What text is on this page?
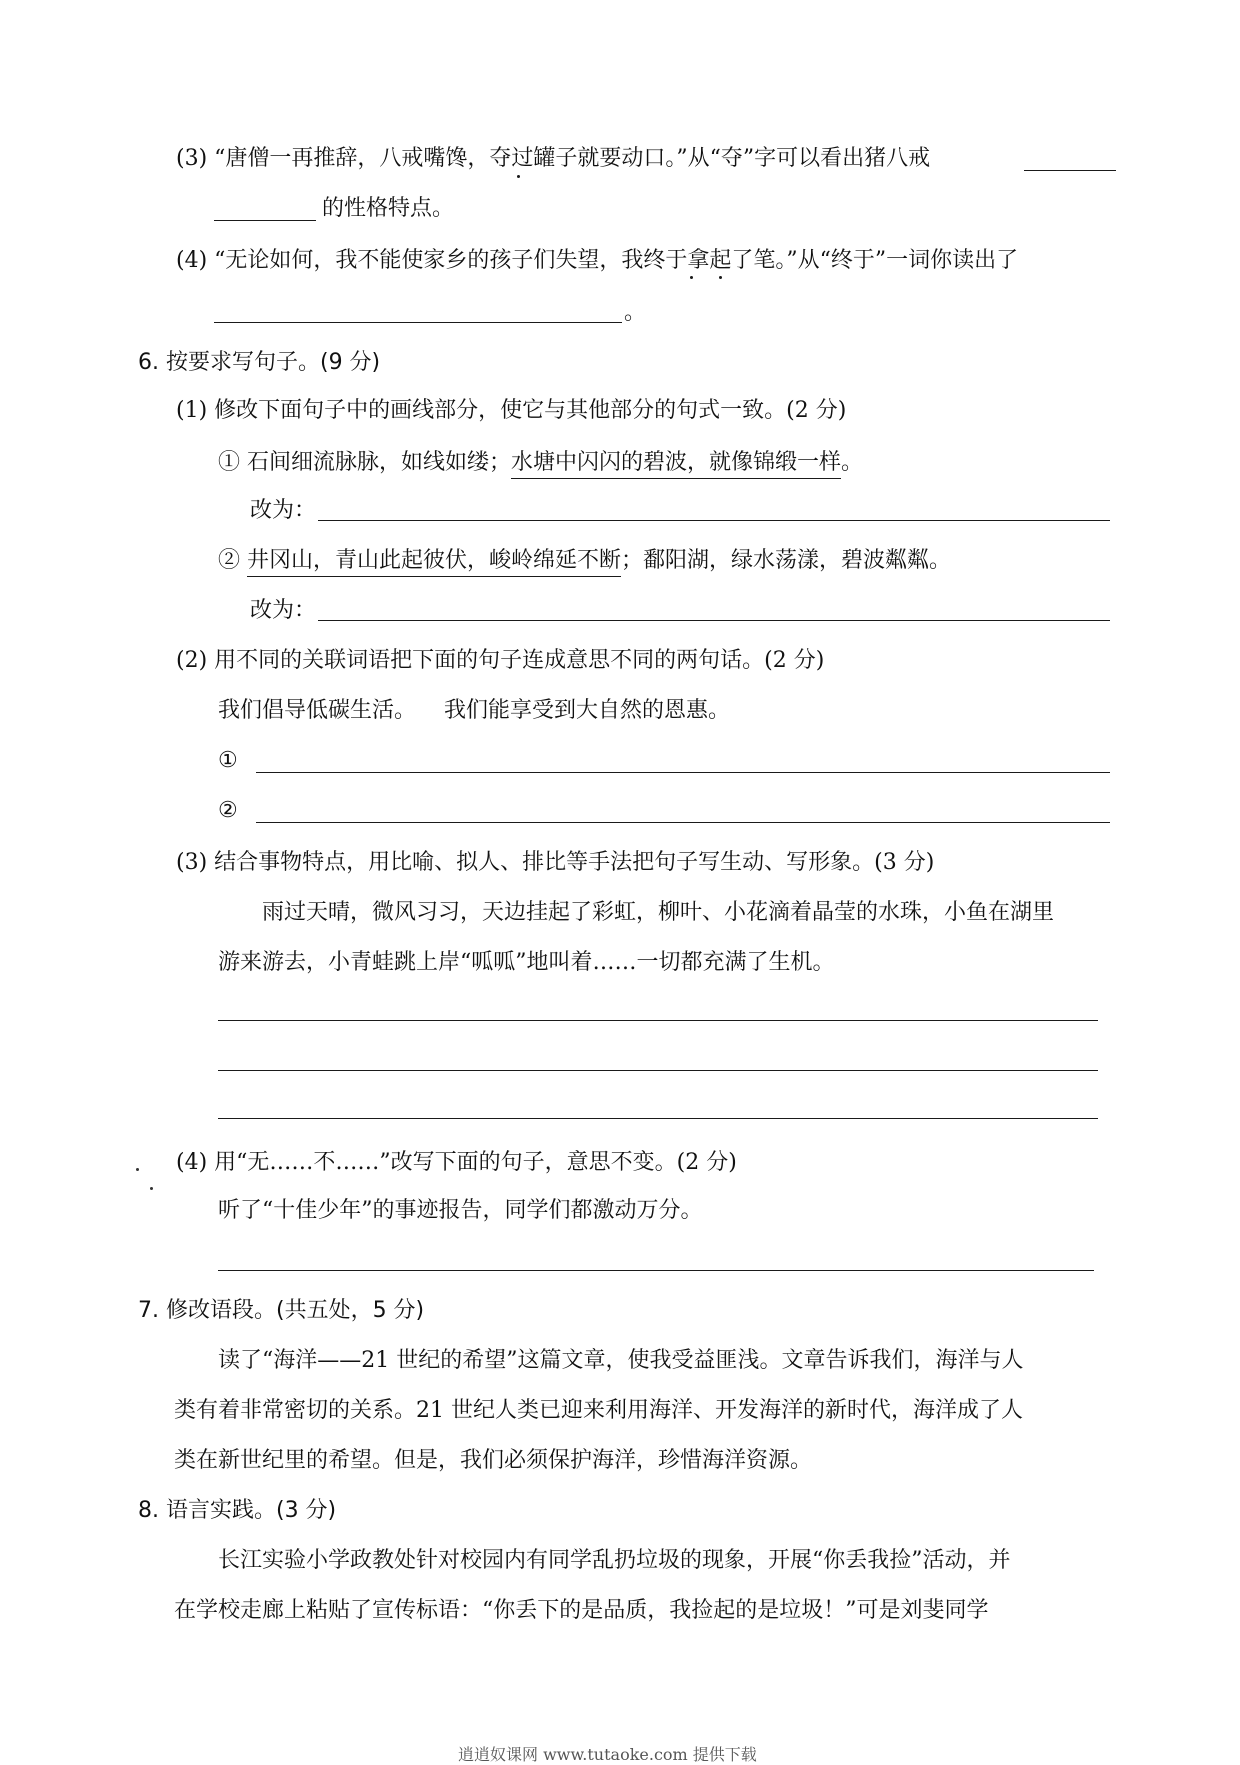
(3) “唐僧一再推辞，八戒嘴馋，夺过罐子就要动口。”从“夺”字可以看出猪八戒
的性格特点。
(4) “无论如何，我不能使家乡的孩子们失望，我终于拿起了笔。”从“终于”一词你读出了
。
6. 按要求写句子。(9 分)
(1) 修改下面句子中的画线部分，使它与其他部分的句式一致。(2 分)
① 石间细流脉脉，如线如缕；水塘中闪闪的碧波，就像锦缎一样。
改为：
② 井冈山，青山此起彼伏，峻岭绵延不断；鄱阳湖，绿水荡漾，碧波粼粼。
改为：
(2) 用不同的关联词语把下面的句子连成意思不同的两句话。(2 分)
我们倡导低碳生活。    我们能享受到大自然的恩惠。
①
②
(3) 结合事物特点，用比喻、拟人、排比等手法把句子写生动、写形象。(3 分)
雨过天晴，微风习习，天边挂起了彩虹，柳叶、小花滴着晶莹的水珠，小鱼在湖里
游来游去，小青蛙跳上岸“呱呱”地叫着……一切都充满了生机。
(4) 用“无……不……”改写下面的句子，意思不变。(2 分)
听了“十佳少年”的事迹报告，同学们都激动万分。
7. 修改语段。(共五处，5 分)
读了“海洋——21 世纪的希望”这篇文章，使我受益匪浅。文章告诉我们，海洋与人
类有着非常密切的关系。21 世纪人类已迎来利用海洋、开发海洋的新时代，海洋成了人
类在新世纪里的希望。但是，我们必须保护海洋，珍惜海洋资源。
8. 语言实践。(3 分)
长江实验小学政教处针对校园内有同学乱扔垃圾的现象，开展“你丢我捡”活动，并
在学校走廊上粘贴了宣传标语：“你丢下的是品质，我捡起的是垃圾！”可是刘斐同学
逍逍奴课网 www.tutaoke.com 提供下载
